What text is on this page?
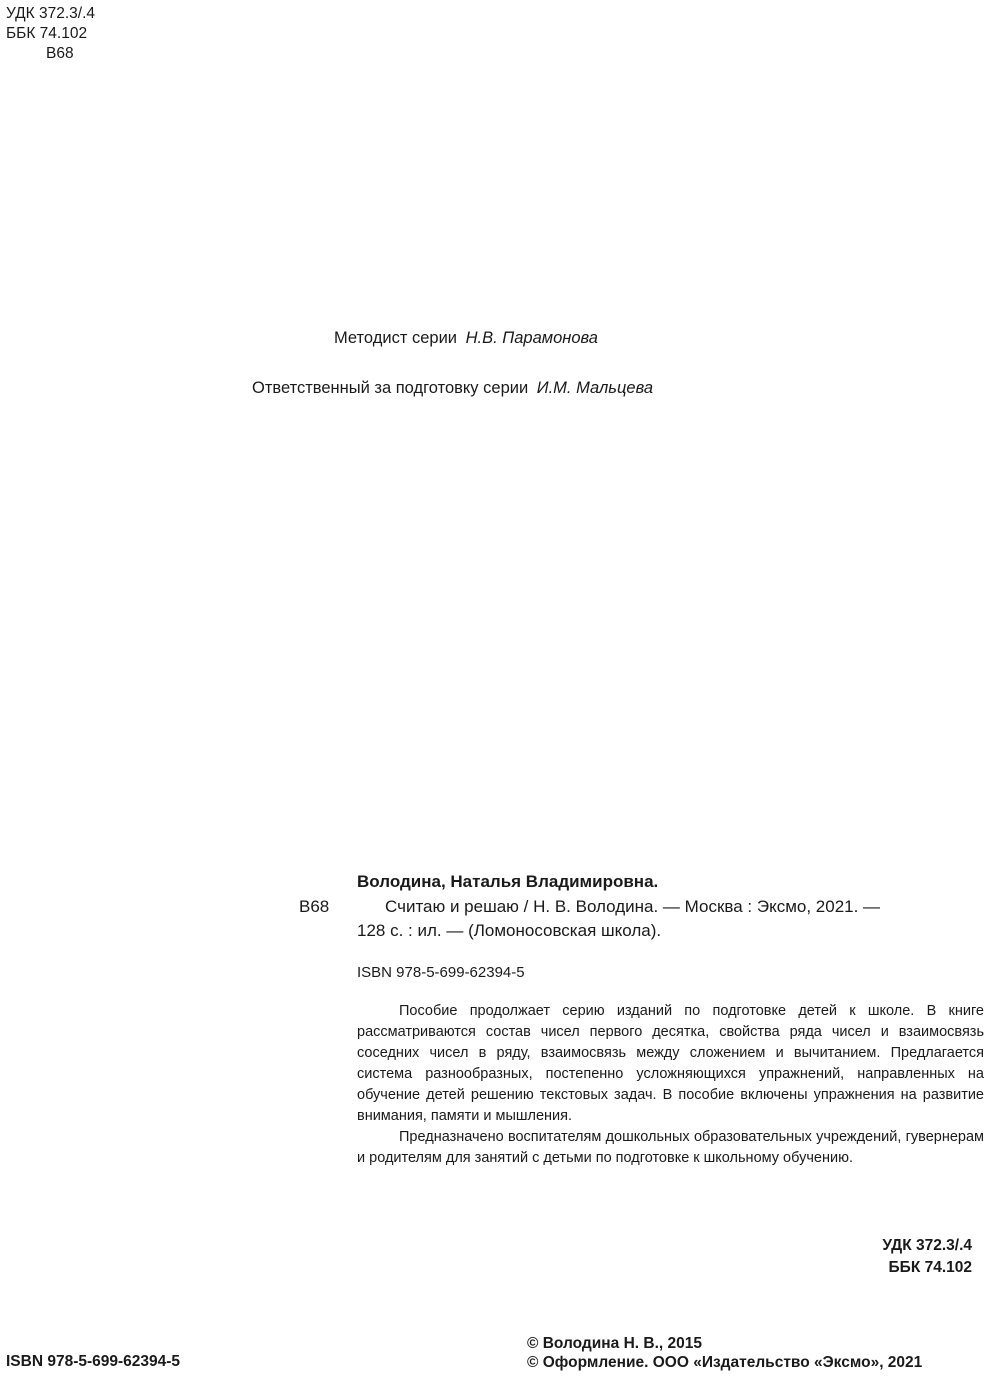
УДК 372.3/.4
ББК 74.102
В68
Методист серии Н.В. Парамонова
Ответственный за подготовку серии И.М. Мальцева
Володина, Наталья Владимировна.
В68	Считаю и решаю / Н. В. Володина. — Москва : Эксмо, 2021. —
128 с. : ил. — (Ломоносовская школа).
ISBN 978-5-699-62394-5

Пособие продолжает серию изданий по подготовке детей к школе. В книге рассматриваются состав чисел первого десятка, свойства ряда чисел и взаимосвязь соседних чисел в ряду, взаимосвязь между сложением и вычитанием. Предлагается система разнообразных, постепенно усложняющихся упражнений, направленных на обучение детей решению текстовых задач. В пособие включены упражнения на развитие внимания, памяти и мышления.

Предназначено воспитателям дошкольных образовательных учреждений, гувернерам и родителям для занятий с детьми по подготовке к школьному обучению.

УДК 372.3/.4
ББК 74.102
ISBN 978-5-699-62394-5
© Володина Н. В., 2015
© Оформление. ООО «Издательство «Эксмо», 2021
